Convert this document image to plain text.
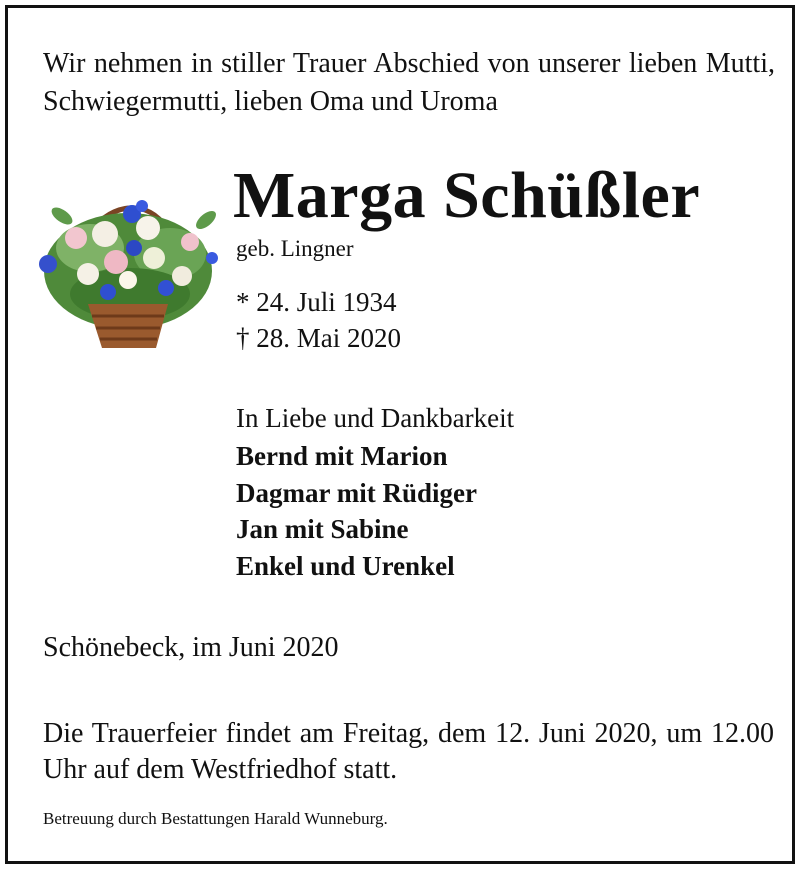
Wir nehmen in stiller Trauer Abschied von unserer lieben Mutti, Schwiegermutti, lieben Oma und Uroma

Marga Schüßler
geb. Lingner
* 24. Juli 1934
† 28. Mai 2020
In Liebe und Dankbarkeit
Bernd mit Marion
Dagmar mit Rüdiger
Jan mit Sabine
Enkel und Urenkel
Schönebeck, im Juni 2020

Die Trauerfeier findet am Freitag, dem 12. Juni 2020, um 12.00 Uhr auf dem Westfriedhof statt.

Betreuung durch Bestattungen Harald Wunneburg.
